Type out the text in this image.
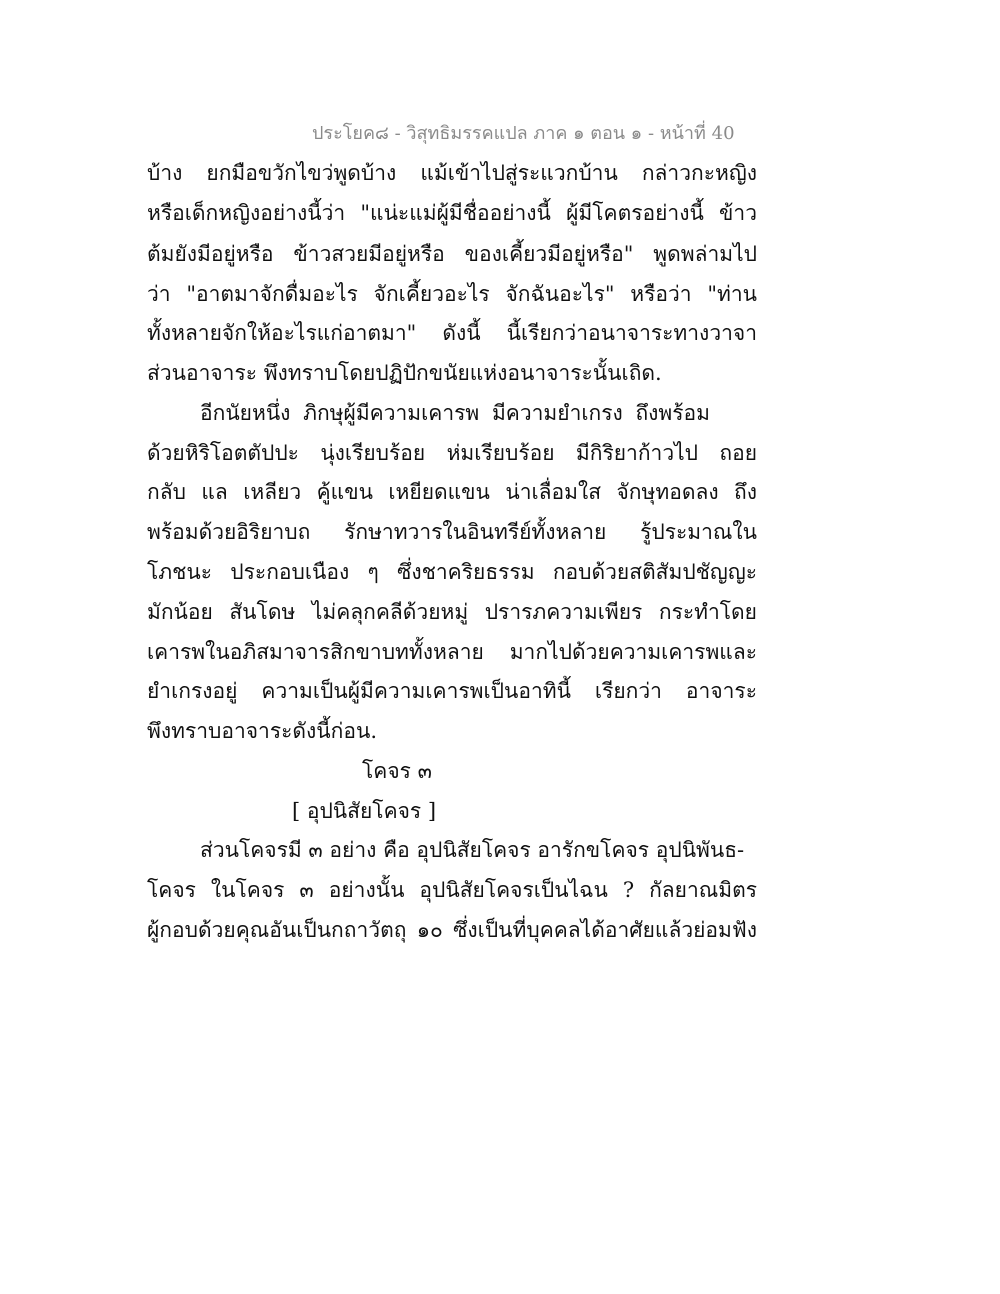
ประโยค๘ - วิสุทธิมรรคแปล ภาค ๑ ตอน ๑ - หน้าที่ 40
บ้าง ยกมือขวักไขว่พูดบ้าง แม้เข้าไปสู่ระแวกบ้าน กล่าวกะหญิง
หรือเด็กหญิงอย่างนี้ว่า "แน่ะแม่ผู้มีชื่ออย่างนี้ ผู้มีโคตรอย่างนี้ ข้าว
ต้มยังมีอยู่หรือ ข้าวสวยมีอยู่หรือ ของเคี้ยวมีอยู่หรือ" พูดพล่ามไป
ว่า "อาตมาจักดื่มอะไร จักเคี้ยวอะไร จักฉันอะไร" หรือว่า "ท่าน
ทั้งหลายจักให้อะไรแก่อาตมา" ดังนี้ นี้เรียกว่าอนาจาระทางวาจา
ส่วนอาจาระ พึงทราบโดยปฏิปักขนัยแห่งอนาจาระนั้นเถิด.
อีกนัยหนึ่ง ภิกษุผู้มีความเคารพ มีความยำเกรง ถึงพร้อม
ด้วยหิริโอตตัปปะ นุ่งเรียบร้อย ห่มเรียบร้อย มีกิริยาก้าวไป ถอย
กลับ แล เหลียว คู้แขน เหยียดแขน น่าเลื่อมใส จักษุทอดลง ถึง
พร้อมด้วยอิริยาบถ รักษาทวารในอินทรีย์ทั้งหลาย รู้ประมาณใน
โภชนะ ประกอบเนือง ๆ ซึ่งชาคริยธรรม กอบด้วยสติสัมปชัญญะ
มักน้อย สันโดษ ไม่คลุกคลีด้วยหมู่ ปรารภความเพียร กระทำโดย
เคารพในอภิสมาจารสิกขาบททั้งหลาย มากไปด้วยความเคารพและ
ยำเกรงอยู่ ความเป็นผู้มีความเคารพเป็นอาทินี้ เรียกว่า อาจาระ
พึงทราบอาจาระดังนี้ก่อน.
โคจร ๓
[ อุปนิสัยโคจร ]
ส่วนโคจรมี ๓ อย่าง คือ อุปนิสัยโคจร อารักขโคจร อุปนิพันธ-
โคจร ในโคจร ๓ อย่างนั้น อุปนิสัยโคจรเป็นไฉน ? กัลยาณมิตร
ผู้กอบด้วยคุณอันเป็นกถาวัตถุ ๑๐ ซึ่งเป็นที่บุคคลได้อาศัยแล้วย่อมฟัง
